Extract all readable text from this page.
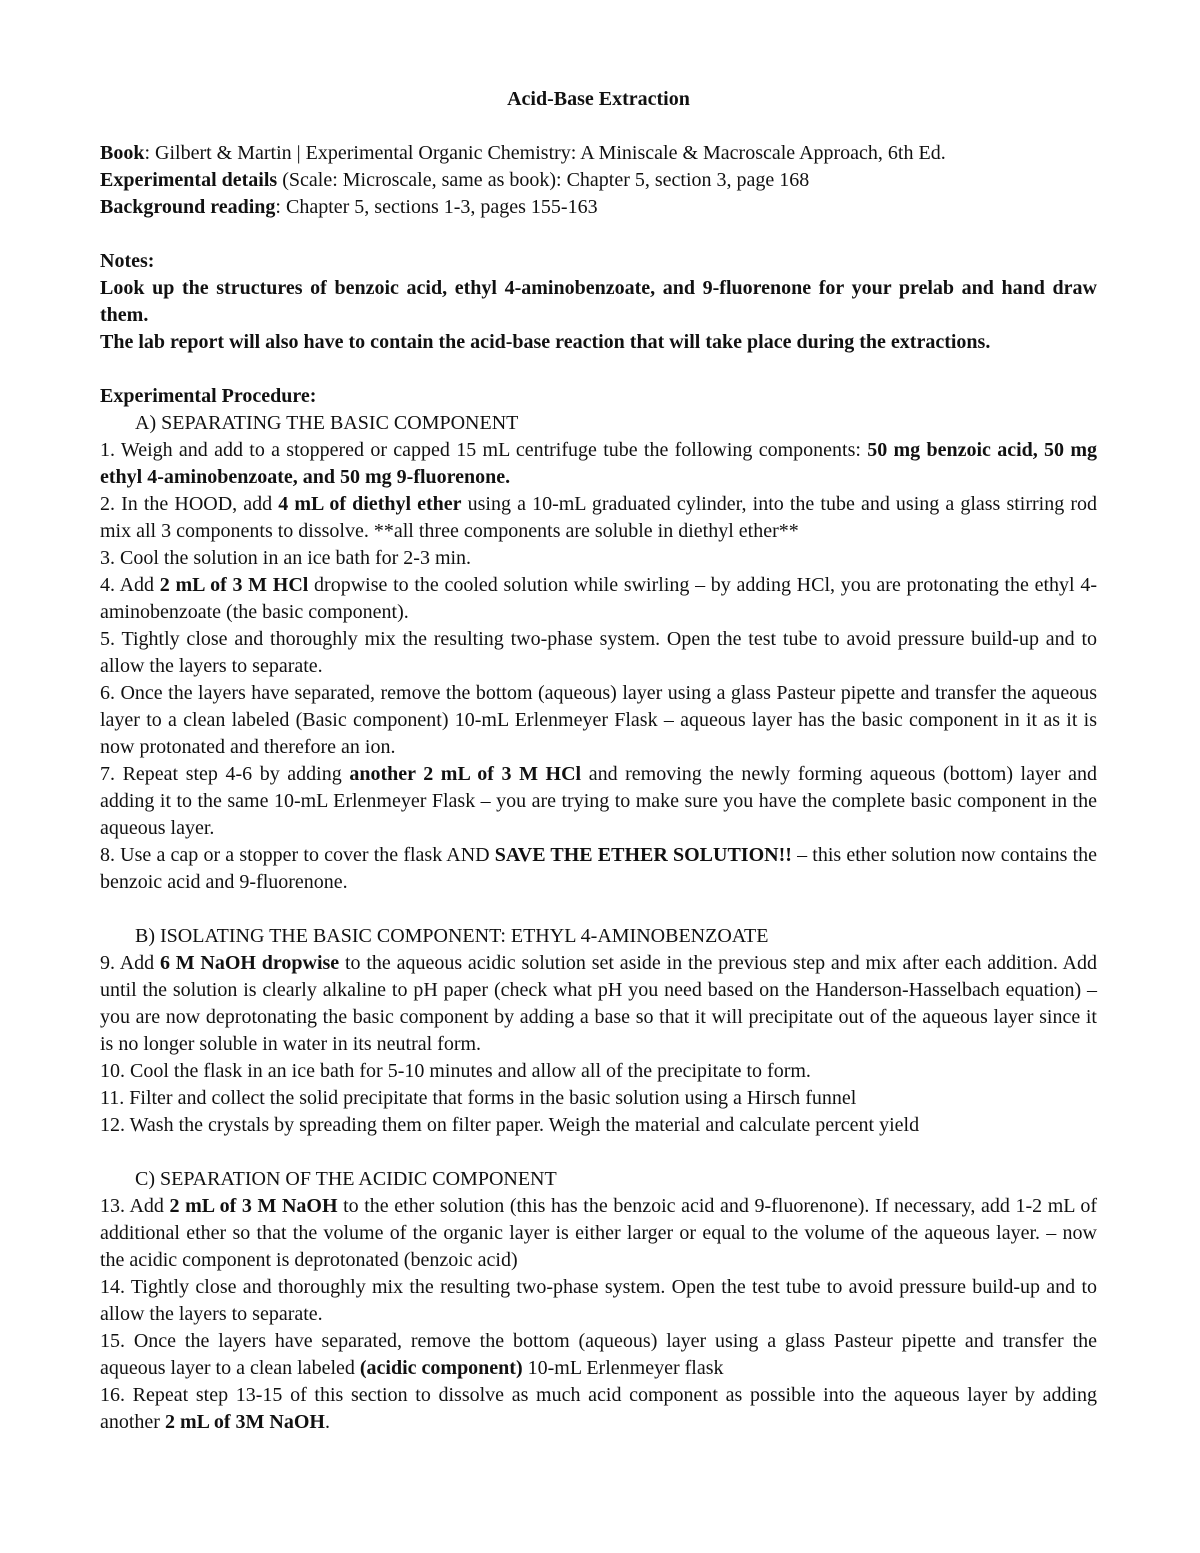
Acid-Base Extraction

Book: Gilbert & Martin | Experimental Organic Chemistry: A Miniscale & Macroscale Approach, 6th Ed.

Experimental details (Scale: Microscale, same as book): Chapter 5, section 3, page 168

Background reading: Chapter 5, sections 1-3, pages 155-163

Notes:

Look up the structures of benzoic acid, ethyl 4-aminobenzoate, and 9-fluorenone for your prelab and hand draw them.

The lab report will also have to contain the acid-base reaction that will take place during the extractions.

Experimental Procedure:

A) SEPARATING THE BASIC COMPONENT

1. Weigh and add to a stoppered or capped 15 mL centrifuge tube the following components: 50 mg benzoic acid, 50 mg ethyl 4-aminobenzoate, and 50 mg 9-fluorenone.

2. In the HOOD, add 4 mL of diethyl ether using a 10-mL graduated cylinder, into the tube and using a glass stirring rod mix all 3 components to dissolve. **all three components are soluble in diethyl ether**

3. Cool the solution in an ice bath for 2-3 min.

4. Add 2 mL of 3 M HCl dropwise to the cooled solution while swirling – by adding HCl, you are protonating the ethyl 4-aminobenzoate (the basic component).

5. Tightly close and thoroughly mix the resulting two-phase system. Open the test tube to avoid pressure build-up and to allow the layers to separate.

6. Once the layers have separated, remove the bottom (aqueous) layer using a glass Pasteur pipette and transfer the aqueous layer to a clean labeled (Basic component) 10-mL Erlenmeyer Flask – aqueous layer has the basic component in it as it is now protonated and therefore an ion.

7. Repeat step 4-6 by adding another 2 mL of 3 M HCl and removing the newly forming aqueous (bottom) layer and adding it to the same 10-mL Erlenmeyer Flask – you are trying to make sure you have the complete basic component in the aqueous layer.

8. Use a cap or a stopper to cover the flask AND SAVE THE ETHER SOLUTION!! – this ether solution now contains the benzoic acid and 9-fluorenone.

B) ISOLATING THE BASIC COMPONENT: ETHYL 4-AMINOBENZOATE

9. Add 6 M NaOH dropwise to the aqueous acidic solution set aside in the previous step and mix after each addition. Add until the solution is clearly alkaline to pH paper (check what pH you need based on the Handerson-Hasselbach equation) – you are now deprotonating the basic component by adding a base so that it will precipitate out of the aqueous layer since it is no longer soluble in water in its neutral form.

10. Cool the flask in an ice bath for 5-10 minutes and allow all of the precipitate to form.

11. Filter and collect the solid precipitate that forms in the basic solution using a Hirsch funnel

12. Wash the crystals by spreading them on filter paper. Weigh the material and calculate percent yield

C) SEPARATION OF THE ACIDIC COMPONENT

13. Add 2 mL of 3 M NaOH to the ether solution (this has the benzoic acid and 9-fluorenone). If necessary, add 1-2 mL of additional ether so that the volume of the organic layer is either larger or equal to the volume of the aqueous layer. – now the acidic component is deprotonated (benzoic acid)

14. Tightly close and thoroughly mix the resulting two-phase system. Open the test tube to avoid pressure build-up and to allow the layers to separate.

15. Once the layers have separated, remove the bottom (aqueous) layer using a glass Pasteur pipette and transfer the aqueous layer to a clean labeled (acidic component) 10-mL Erlenmeyer flask

16. Repeat step 13-15 of this section to dissolve as much acid component as possible into the aqueous layer by adding another 2 mL of 3M NaOH.
